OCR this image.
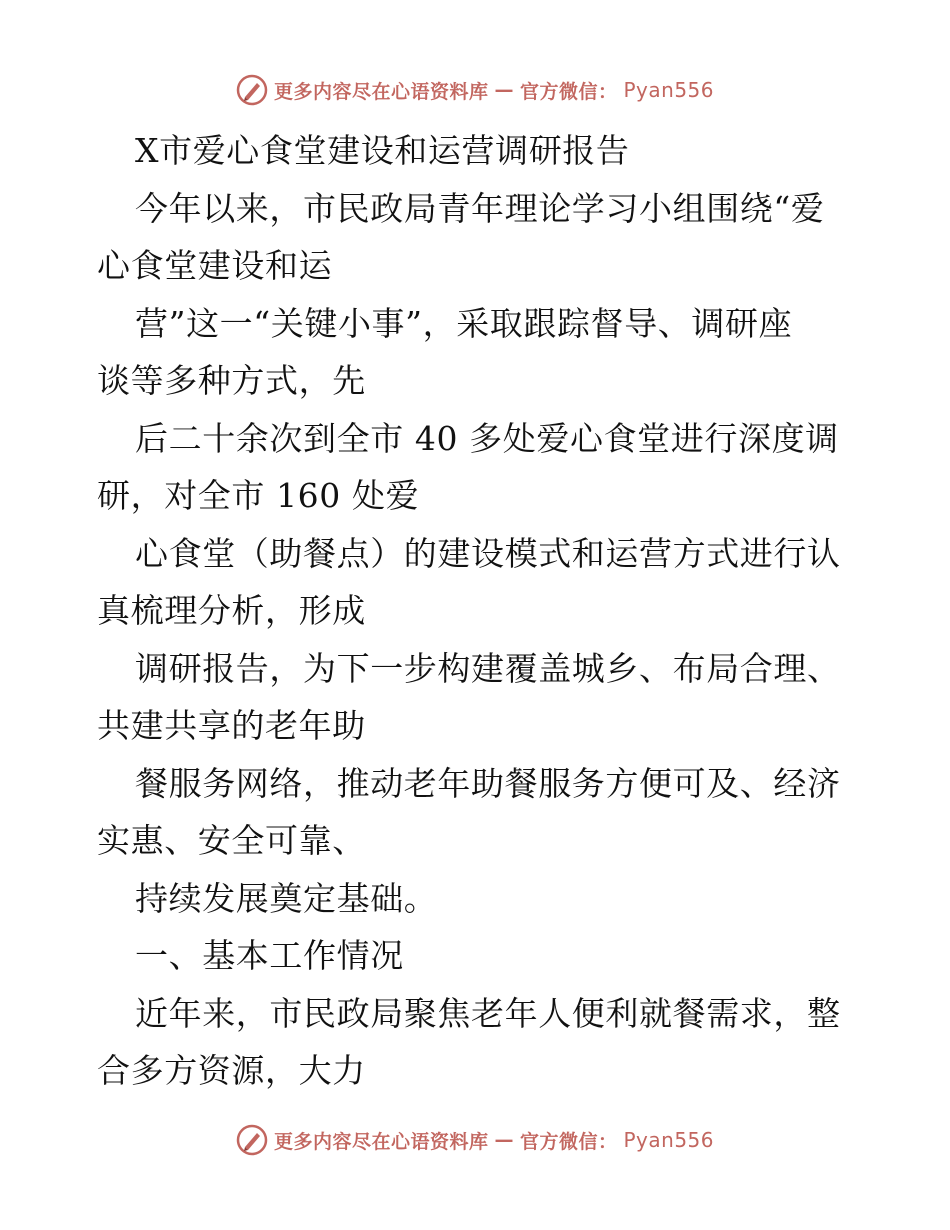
更多内容尽在心语资料库 — 官方微信： Pyan556
X市爱心食堂建设和运营调研报告
今年以来，市民政局青年理论学习小组围绕“爱
心食堂建设和运
营”这一“关键小事”，采取跟踪督导、调研座
谈等多种方式，先
后二十余次到全市 40 多处爱心食堂进行深度调
研，对全市 160 处爱
心食堂（助餐点）的建设模式和运营方式进行认
真梳理分析，形成
调研报告，为下一步构建覆盖城乡、布局合理、
共建共享的老年助
餐服务网络，推动老年助餐服务方便可及、经济
实惠、安全可靠、
持续发展奠定基础。
一、基本工作情况
近年来，市民政局聚焦老年人便利就餐需求，整
合多方资源，大力
更多内容尽在心语资料库 — 官方微信： Pyan556
